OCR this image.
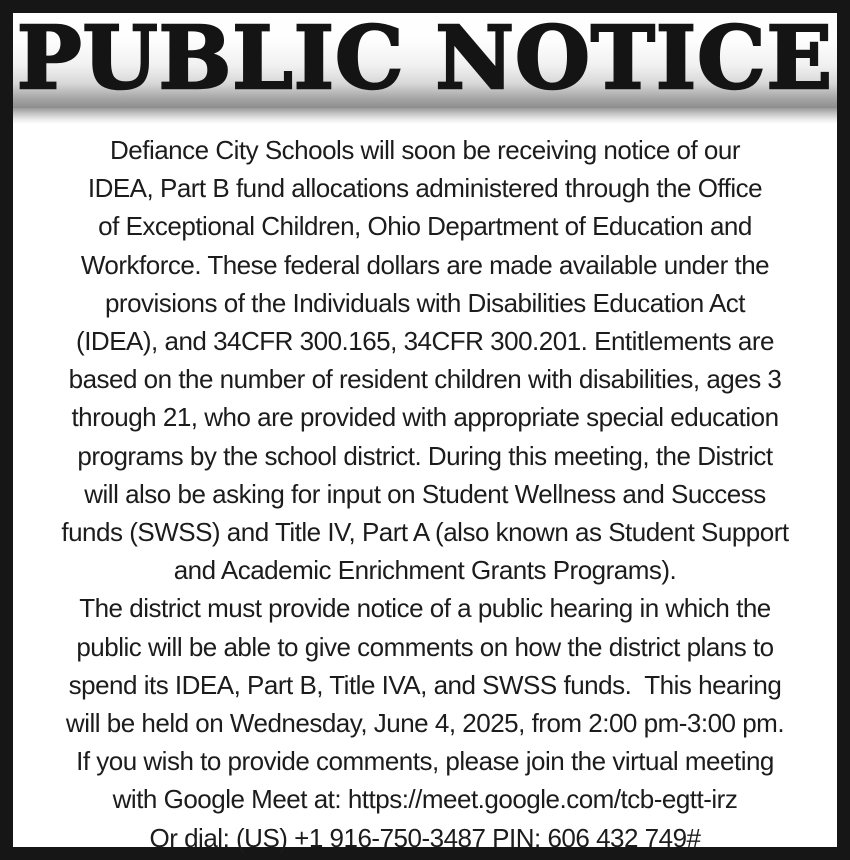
PUBLIC NOTICE
Defiance City Schools will soon be receiving notice of our
IDEA, Part B fund allocations administered through the Office
of Exceptional Children, Ohio Department of Education and
Workforce. These federal dollars are made available under the
provisions of the Individuals with Disabilities Education Act
(IDEA), and 34CFR 300.165, 34CFR 300.201. Entitlements are
based on the number of resident children with disabilities, ages 3
through 21, who are provided with appropriate special education
programs by the school district. During this meeting, the District
will also be asking for input on Student Wellness and Success
funds (SWSS) and Title IV, Part A (also known as Student Support
and Academic Enrichment Grants Programs).
The district must provide notice of a public hearing in which the
public will be able to give comments on how the district plans to
spend its IDEA, Part B, Title IVA, and SWSS funds.  This hearing
will be held on Wednesday, June 4, 2025, from 2:00 pm-3:00 pm.
If you wish to provide comments, please join the virtual meeting
with Google Meet at: https://meet.google.com/tcb-egtt-irz
Or dial: (US) +1 916-750-3487 PIN: 606 432 749#
